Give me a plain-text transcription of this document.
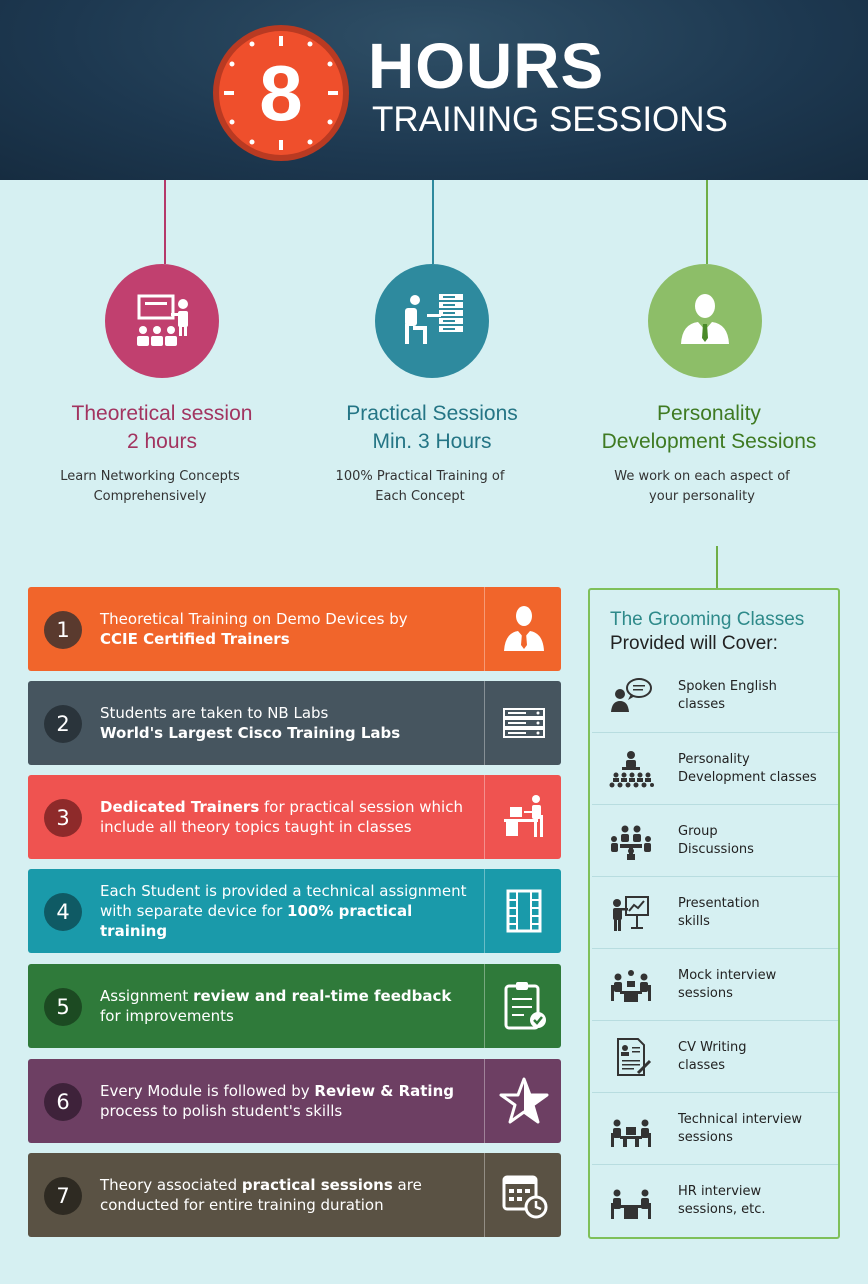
8 HOURS
TRAINING SESSIONS
Theoretical session
2 hours
Learn Networking Concepts
Comprehensively
Practical Sessions
Min. 3 Hours
100% Practical Training of
Each Concept
Personality
Development Sessions
We work on each aspect of
your personality
1	Theoretical Training on Demo Devices by
CCIE Certified Trainers
2	Students are taken to NB Labs
World's Largest Cisco Training Labs
3	Dedicated Trainers for practical session which include all theory topics taught in classes
4
Each Student is provided a technical assignment with separate device for 100% practical training
5	Assignment review and real-time feedback for improvements
6	Every Module is followed by Review & Rating process to polish student's skills
7	Theory associated practical sessions are conducted for entire training duration
The Grooming Classes
Provided will Cover:
Spoken English
classes
Personality
Development classes
Group
Discussions
Presentation
skills
Mock interview
sessions
CV Writing
classes
Technical interview
sessions
HR interview
sessions, etc.
